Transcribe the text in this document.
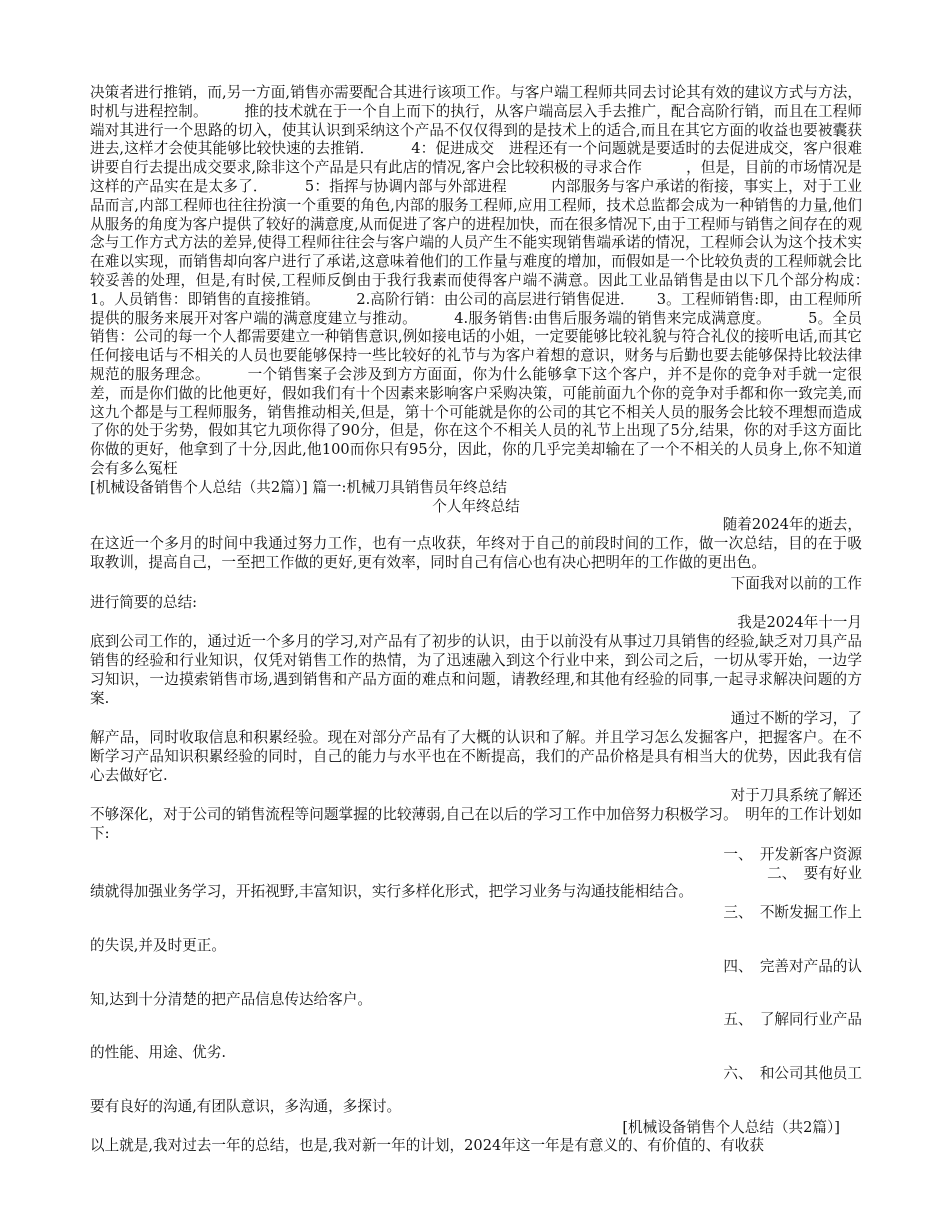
决策者进行推销，而,另一方面,销售亦需要配合其进行该项工作。与客户端工程师共同去讨论其有效的建议方式与方法，时机与进程控制。　　　推的技术就在于一个自上而下的执行，从客户端高层入手去推广，配合高阶行销，而且在工程师端对其进行一个思路的切入，使其认识到采纳这个产品不仅仅得到的是技术上的适合,而且在其它方面的收益也要被囊获进去,这样才会使其能够比较快速的去推销．　　　4：促进成交　进程还有一个问题就是要适时的去促进成交，客户很难讲要自行去提出成交要求,除非这个产品是只有此店的情况,客户会比较积极的寻求合作　　　，但是，目前的市场情况是这样的产品实在是太多了．　　　5：指挥与协调内部与外部进程　　　内部服务与客户承诺的衔接，事实上，对于工业品而言,内部工程师也往往扮演一个重要的角色,内部的服务工程师,应用工程师，技术总监都会成为一种销售的力量,他们从服务的角度为客户提供了较好的满意度,从而促进了客户的进程加快，而在很多情况下,由于工程师与销售之间存在的观念与工作方式方法的差异,使得工程师往往会与客户端的人员产生不能实现销售端承诺的情况，工程师会认为这个技术实在难以实现，而销售却向客户进行了承诺,这意味着他们的工作量与难度的增加，而假如是一个比较负责的工程师就会比较妥善的处理，但是,有时侯,工程师反倒由于我行我素而使得客户端不满意。因此工业品销售是由以下几个部分构成：　　　1。人员销售：即销售的直接推销。　　　2.高阶行销：由公司的高层进行销售促进．　　3。工程师销售:即，由工程师所提供的服务来展开对客户端的满意度建立与推动。　　　4.服务销售:由售后服务端的销售来完成满意度。　　　5。全员销售：公司的每一个人都需要建立一种销售意识,例如接电话的小姐，一定要能够比较礼貌与符合礼仪的接听电话,而其它任何接电话与不相关的人员也要能够保持一些比较好的礼节与为客户着想的意识，财务与后勤也要去能够保持比较法律规范的服务理念。　　　一个销售案子会涉及到方方面面，你为什么能够拿下这个客户，并不是你的竞争对手就一定很差，而是你们做的比他更好，假如我们有十个因素来影响客户采购决策，可能前面九个你的竞争对手都和你一致完美,而这九个都是与工程师服务，销售推动相关,但是，第十个可能就是你的公司的其它不相关人员的服务会比较不理想而造成了你的处于劣势，假如其它九项你得了90分，但是，你在这个不相关人员的礼节上出现了5分,结果，你的对手这方面比你做的更好，他拿到了十分,因此,他100而你只有95分，因此，你的几乎完美却输在了一个不相关的人员身上,你不知道会有多么冤枉

[机械设备销售个人总结（共2篇）] 篇一:机械刀具销售员年终总结

个人年终总结

随着2024年的逝去，

在这近一个多月的时间中我通过努力工作，也有一点收获，年终对于自己的前段时间的工作，做一次总结，目的在于吸取教训，提高自己，一至把工作做的更好,更有效率，同时自己有信心也有决心把明年的工作做的更出色。

下面我对以前的工作

进行简要的总结:

我是2024年十一月

底到公司工作的，通过近一个多月的学习,对产品有了初步的认识，由于以前没有从事过刀具销售的经验,缺乏对刀具产品销售的经验和行业知识，仅凭对销售工作的热情，为了迅速融入到这个行业中来，到公司之后，一切从零开始，一边学习知识，一边摸索销售市场,遇到销售和产品方面的难点和问题，请教经理,和其他有经验的同事,一起寻求解决问题的方案.

通过不断的学习，了

解产品，同时收取信息和积累经验。现在对部分产品有了大概的认识和了解。并且学习怎么发掘客户，把握客户。在不断学习产品知识积累经验的同时，自己的能力与水平也在不断提高，我们的产品价格是具有相当大的优势，因此我有信心去做好它.

对于刀具系统了解还

不够深化，对于公司的销售流程等问题掌握的比较薄弱,自己在以后的学习工作中加倍努力积极学习。　明年的工作计划如下:

一、　开发新客户资源

二、　要有好业

绩就得加强业务学习，开拓视野,丰富知识，实行多样化形式，把学习业务与沟通技能相结合。

三、　不断发掘工作上

的失误,并及时更正。

四、　完善对产品的认

知,达到十分清楚的把产品信息传达给客户。

五、　了解同行业产品

的性能、用途、优劣.

六、　和公司其他员工

要有良好的沟通,有团队意识，多沟通，多探讨。

[机械设备销售个人总结（共2篇）]

以上就是,我对过去一年的总结，也是,我对新一年的计划，2024年这一年是有意义的、有价值的、有收获
